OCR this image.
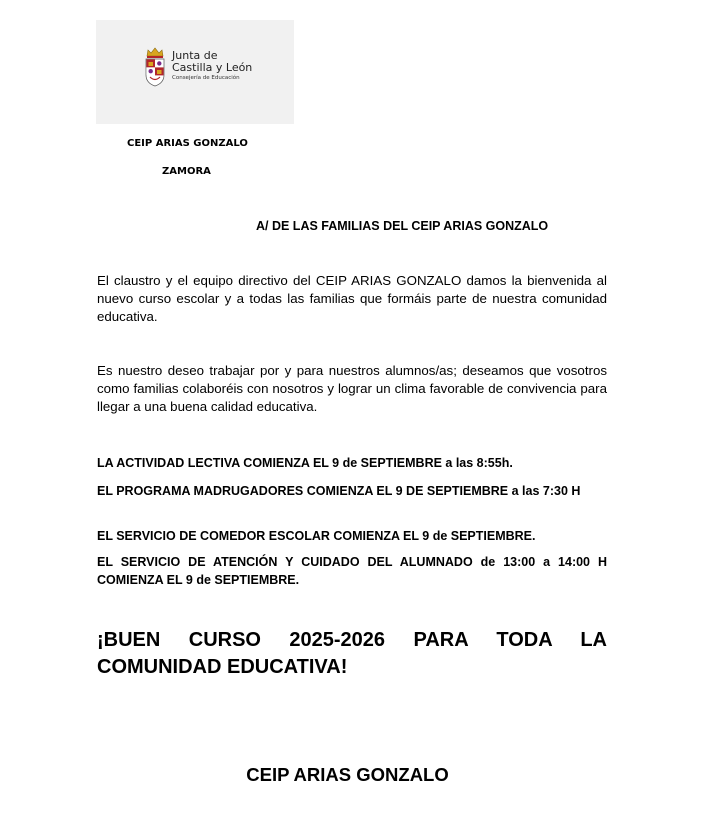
Junta de
Castilla y León
Consejería de Educación
CEIP ARIAS GONZALO
ZAMORA
A/ DE LAS FAMILIAS DEL CEIP ARIAS GONZALO

El claustro y el equipo directivo del CEIP ARIAS GONZALO damos la bienvenida al nuevo curso escolar y a todas las familias que formáis parte de nuestra comunidad educativa.

Es nuestro deseo trabajar por y para nuestros alumnos/as; deseamos que vosotros como familias colaboréis con nosotros y lograr un clima favorable de convivencia para llegar a una buena calidad educativa.

LA ACTIVIDAD LECTIVA COMIENZA EL 9 de SEPTIEMBRE a las 8:55h.

EL PROGRAMA MADRUGADORES COMIENZA EL 9 DE SEPTIEMBRE a las 7:30 H

EL SERVICIO DE COMEDOR ESCOLAR COMIENZA EL 9 de SEPTIEMBRE.

EL SERVICIO DE ATENCIÓN Y CUIDADO DEL ALUMNADO de 13:00 a 14:00 H COMIENZA EL 9 de SEPTIEMBRE.

¡BUEN CURSO 2025-2026 PARA TODA LA COMUNIDAD EDUCATIVA!

CEIP ARIAS GONZALO
